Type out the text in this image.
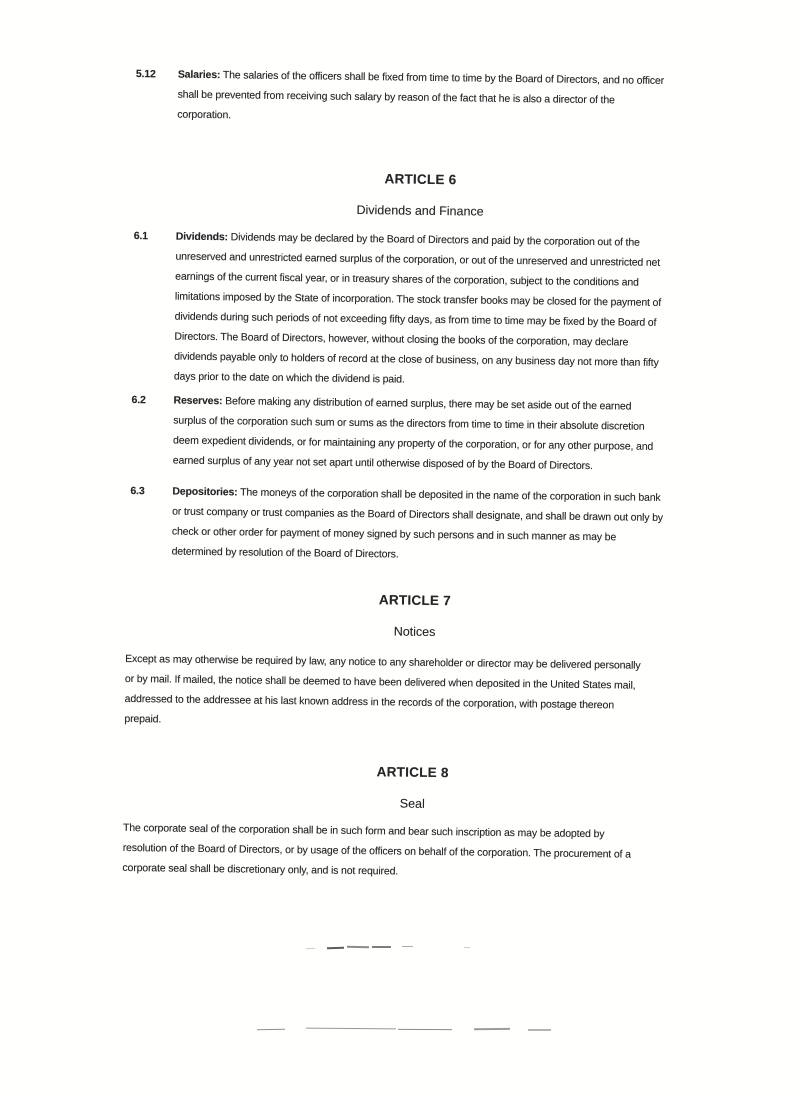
5.12	Salaries: The salaries of the officers shall be fixed from time to time by the Board of Directors, and no officer
shall be prevented from receiving such salary by reason of the fact that he is also a director of the
corporation.
ARTICLE 6
Dividends and Finance
6.1	Dividends: Dividends may be declared by the Board of Directors and paid by the corporation out of the
unreserved and unrestricted earned surplus of the corporation, or out of the unreserved and unrestricted net
earnings of the current fiscal year, or in treasury shares of the corporation, subject to the conditions and
limitations imposed by the State of incorporation. The stock transfer books may be closed for the payment of
dividends during such periods of not exceeding fifty days, as from time to time may be fixed by the Board of
Directors. The Board of Directors, however, without closing the books of the corporation, may declare
dividends payable only to holders of record at the close of business, on any business day not more than fifty
days prior to the date on which the dividend is paid.
6.2	Reserves: Before making any distribution of earned surplus, there may be set aside out of the earned
surplus of the corporation such sum or sums as the directors from time to time in their absolute discretion
deem expedient dividends, or for maintaining any property of the corporation, or for any other purpose, and
earned surplus of any year not set apart until otherwise disposed of by the Board of Directors.
6.3	Depositories: The moneys of the corporation shall be deposited in the name of the corporation in such bank
or trust company or trust companies as the Board of Directors shall designate, and shall be drawn out only by
check or other order for payment of money signed by such persons and in such manner as may be
determined by resolution of the Board of Directors.
ARTICLE 7
Notices
Except as may otherwise be required by law, any notice to any shareholder or director may be delivered personally
or by mail. If mailed, the notice shall be deemed to have been delivered when deposited in the United States mail,
addressed to the addressee at his last known address in the records of the corporation, with postage thereon
prepaid.
ARTICLE 8
Seal
The corporate seal of the corporation shall be in such form and bear such inscription as may be adopted by
resolution of the Board of Directors, or by usage of the officers on behalf of the corporation. The procurement of a
corporate seal shall be discretionary only, and is not required.
